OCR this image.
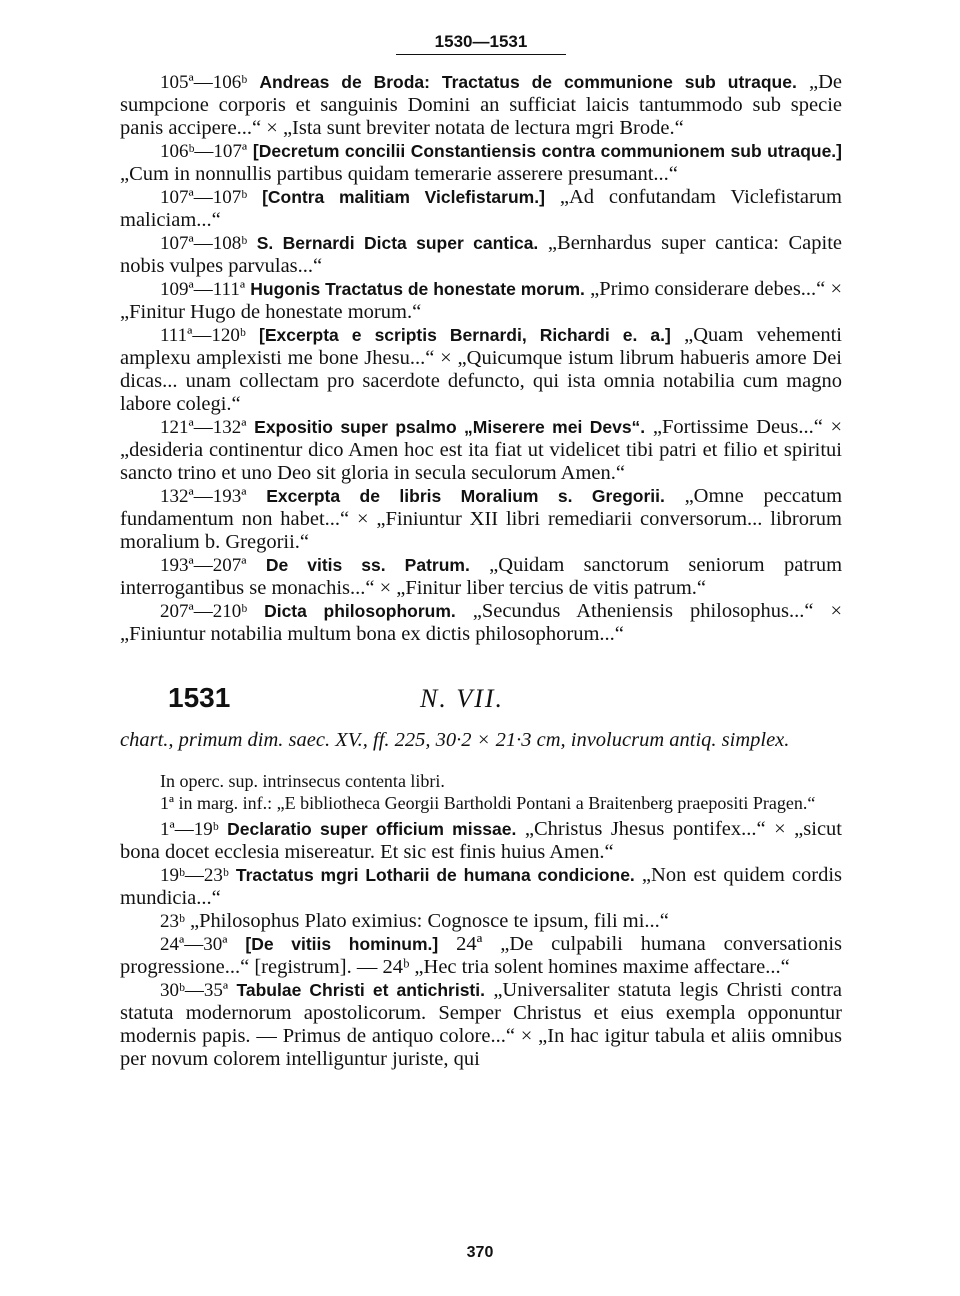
1530—1531

105ª—106ᵇ Andreas de Broda: Tractatus de communione sub utraque. „De sumpcione corporis et sanguinis Domini an sufficiat laicis tantummodo sub specie panis accipere...“ × „Ista sunt breviter notata de lectura mgri Brode.“

106ᵇ—107ª [Decretum concilii Constantiensis contra communionem sub utraque.] „Cum in nonnullis partibus quidam temerarie asserere presumant...“

107ª—107ᵇ [Contra malitiam Viclefistarum.] „Ad confutandam Viclefistarum maliciam...“

107ª—108ᵇ S. Bernardi Dicta super cantica. „Bernhardus super cantica: Capite nobis vulpes parvulas...“

109ª—111ª Hugonis Tractatus de honestate morum. „Primo considerare debes...“ × „Finitur Hugo de honestate morum.“

111ª—120ᵇ [Excerpta e scriptis Bernardi, Richardi e. a.] „Quam vehementi amplexu amplexisti me bone Jhesu...“ × „Quicumque istum librum habueris amore Dei dicas... unam collectam pro sacerdote defuncto, qui ista omnia notabilia cum magno labore colegi.“

121ª—132ª Expositio super psalmo „Miserere mei Devs“. „Fortissime Deus...“ × „desideria continentur dico Amen hoc est ita fiat ut videlicet tibi patri et filio et spiritui sancto trino et uno Deo sit gloria in secula seculorum Amen.“

132ª—193ª Excerpta de libris Moralium s. Gregorii. „Omne peccatum fundamentum non habet...“ × „Finiuntur XII libri remediarii conversorum... librorum moralium b. Gregorii.“

193ª—207ª De vitis ss. Patrum. „Quidam sanctorum seniorum patrum interrogantibus se monachis...“ × „Finitur liber tercius de vitis patrum.“

207ª—210ᵇ Dicta philosophorum. „Secundus Atheniensis philosophus...“ × „Finiuntur notabilia multum bona ex dictis philosophorum...“

1531	N. VII.

chart., primum dim. saec. XV., ff. 225, 30·2 × 21·3 cm, involucrum antiq. simplex.

In operc. sup. intrinsecus contenta libri.

1ª in marg. inf.: „E bibliotheca Georgii Bartholdi Pontani a Braitenberg praepositi Pragen.“

1ª—19ᵇ Declaratio super officium missae. „Christus Jhesus pontifex...“ × „sicut bona docet ecclesia misereatur. Et sic est finis huius Amen.“

19ᵇ—23ᵇ Tractatus mgri Lotharii de humana condicione. „Non est quidem cordis mundicia...“

23ᵇ „Philosophus Plato eximius: Cognosce te ipsum, fili mi...“

24ª—30ª [De vitiis hominum.] 24ª „De culpabili humana conversationis progressione...“ [registrum]. — 24ᵇ „Hec tria solent homines maxime affectare...“

30ᵇ—35ª Tabulae Christi et antichristi. „Universaliter statuta legis Christi contra statuta modernorum apostolicorum. Semper Christus et eius exempla opponuntur modernis papis. — Primus de antiquo colore...“ × „In hac igitur tabula et aliis omnibus per novum colorem intelliguntur juriste, qui

370
